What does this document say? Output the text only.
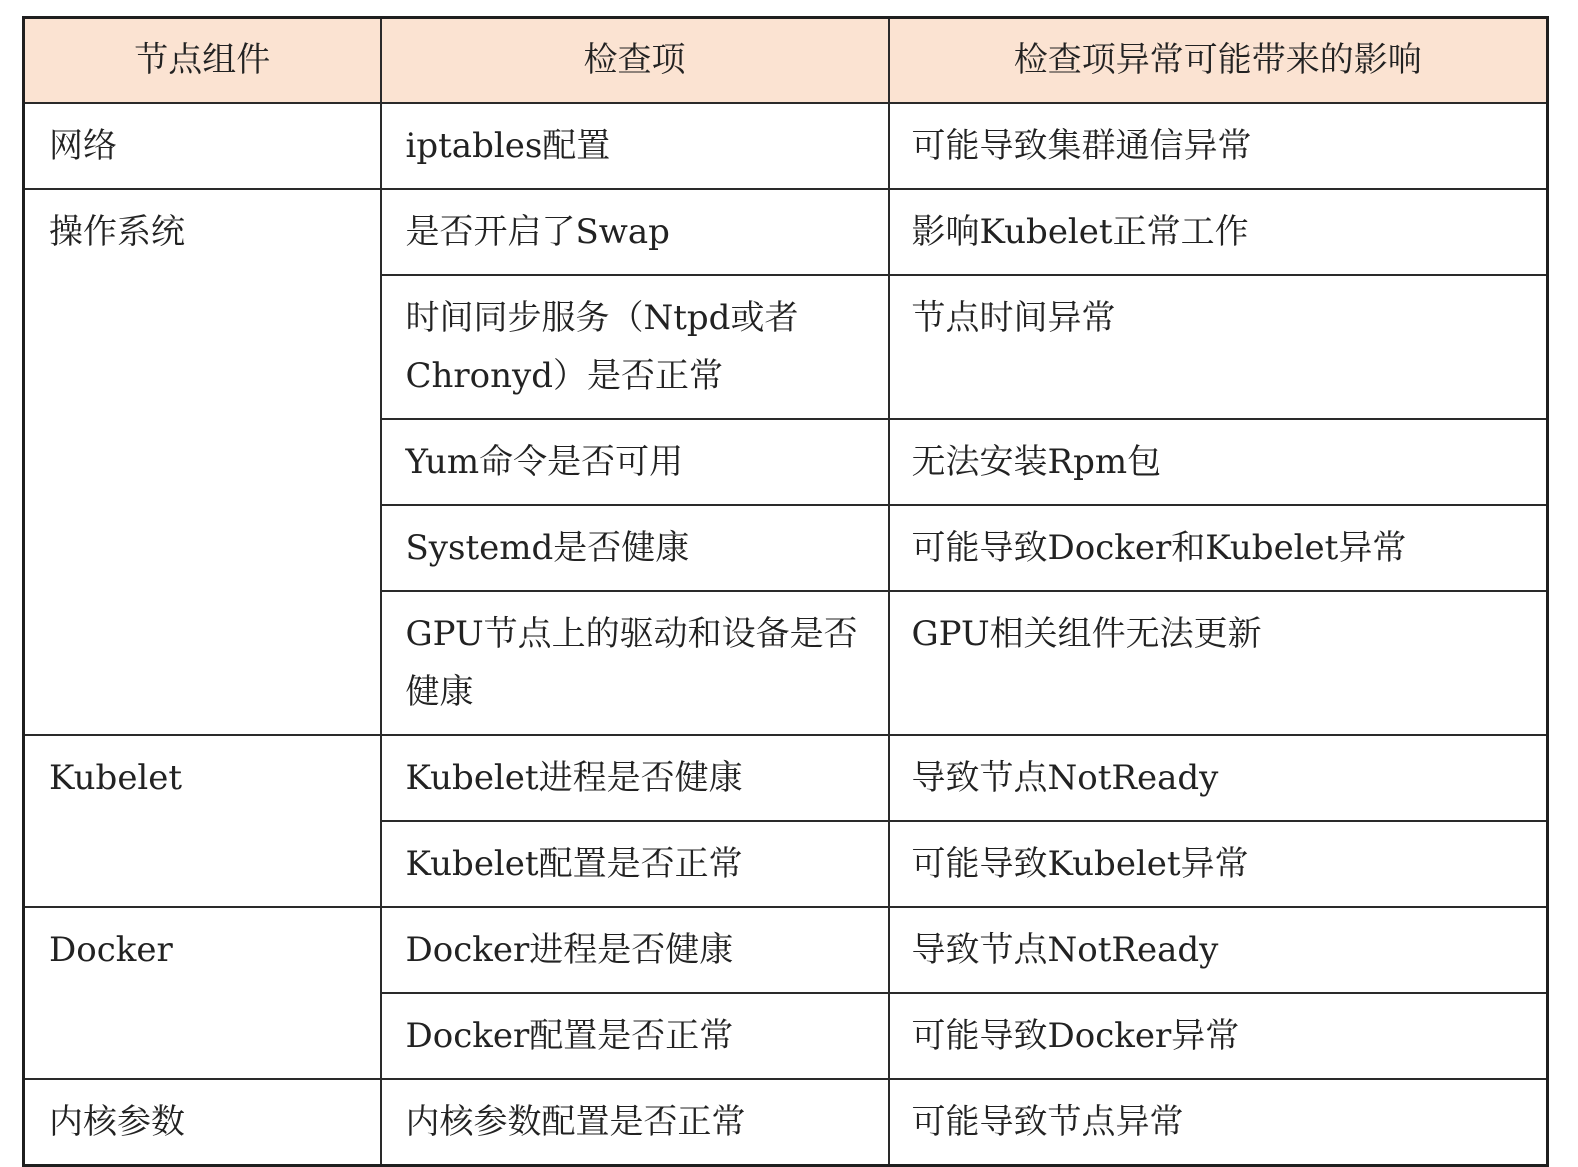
节点组件	检查项	检查项异常可能带来的影响
网络	iptables配置	可能导致集群通信异常
操作系统	是否开启了Swap	影响Kubelet正常工作
	时间同步服务（Ntpd或者Chronyd）是否正常	节点时间异常
	Yum命令是否可用	无法安装Rpm包
	Systemd是否健康	可能导致Docker和Kubelet异常
	GPU节点上的驱动和设备是否健康	GPU相关组件无法更新
Kubelet	Kubelet进程是否健康	导致节点NotReady
	Kubelet配置是否正常	可能导致Kubelet异常
Docker	Docker进程是否健康	导致节点NotReady
	Docker配置是否正常	可能导致Docker异常
内核参数	内核参数配置是否正常	可能导致节点异常
